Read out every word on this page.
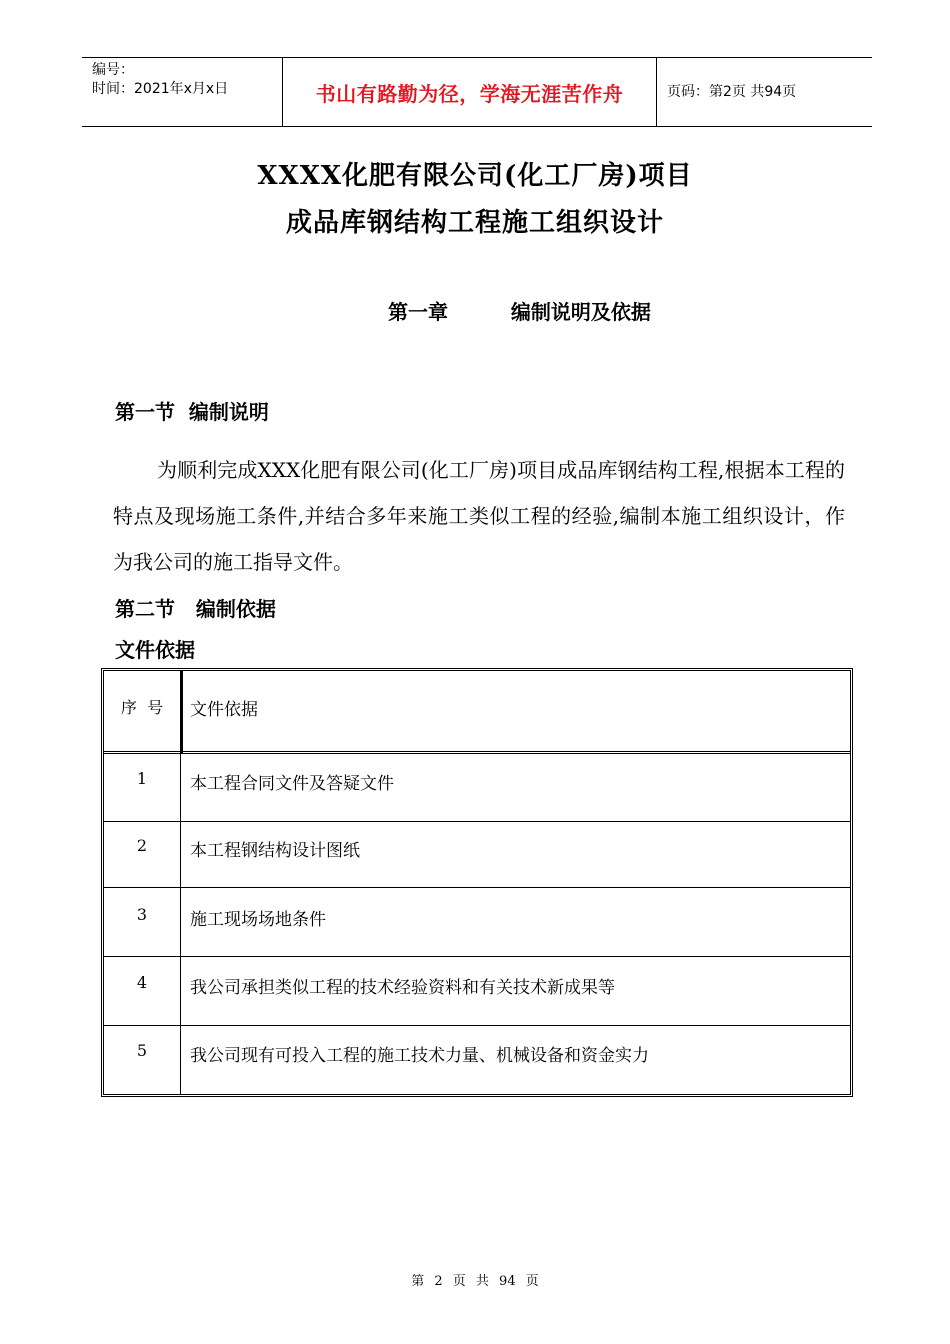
编号：
时间：2021年x月x日	书山有路勤为径，学海无涯苦作舟	页码：第2页 共94页
XXXX化肥有限公司(化工厂房)项目
成品库钢结构工程施工组织设计
第一章   编制说明及依据
第一节  编制说明
为顺利完成XXX化肥有限公司(化工厂房)项目成品库钢结构工程,根据本工程的特点及现场施工条件,并结合多年来施工类似工程的经验,编制本施工组织设计，作为我公司的施工指导文件。
第二节   编制依据
文件依据
序  号	文件依据
1	本工程合同文件及答疑文件
2	本工程钢结构设计图纸
3	施工现场场地条件
4	我公司承担类似工程的技术经验资料和有关技术新成果等
5	我公司现有可投入工程的施工技术力量、机械设备和资金实力
第 2 页 共 94 页
